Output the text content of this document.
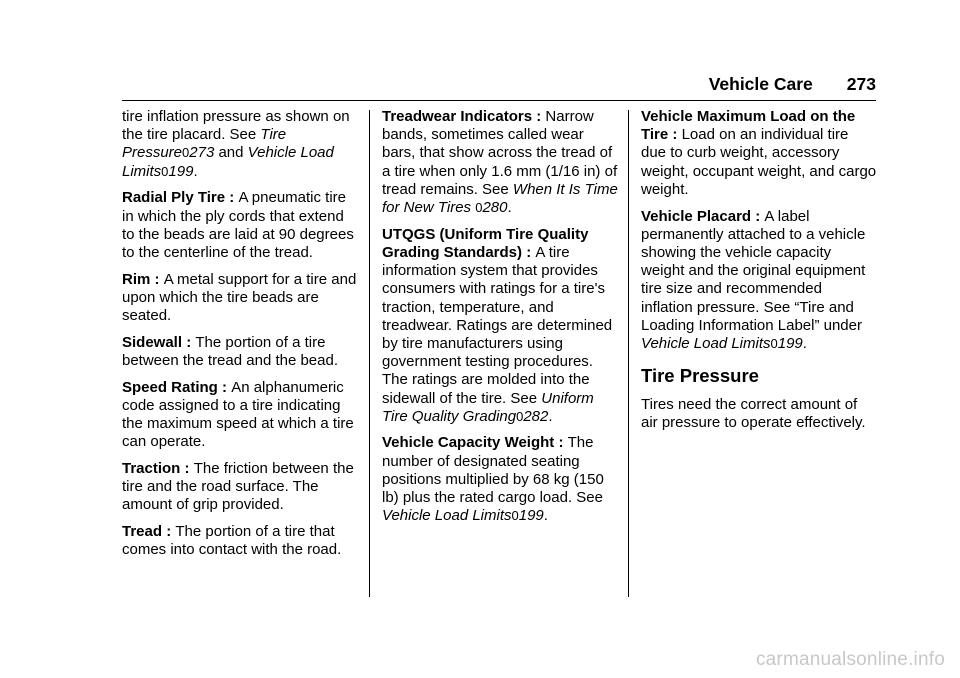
Vehicle Care 273

tire inflation pressure as shown on the tire placard. See Tire Pressure0273 and Vehicle Load Limits0199.

Radial Ply Tire : A pneumatic tire in which the ply cords that extend to the beads are laid at 90 degrees to the centerline of the tread.

Rim : A metal support for a tire and upon which the tire beads are seated.

Sidewall : The portion of a tire between the tread and the bead.

Speed Rating : An alphanumeric code assigned to a tire indicating the maximum speed at which a tire can operate.

Traction : The friction between the tire and the road surface. The amount of grip provided.

Tread : The portion of a tire that comes into contact with the road.

Treadwear Indicators : Narrow bands, sometimes called wear bars, that show across the tread of a tire when only 1.6 mm (1/16 in) of tread remains. See When It Is Time for New Tires 0280.

UTQGS (Uniform Tire Quality Grading Standards) : A tire information system that provides consumers with ratings for a tire's traction, temperature, and treadwear. Ratings are determined by tire manufacturers using government testing procedures. The ratings are molded into the sidewall of the tire. See Uniform Tire Quality Grading0282.

Vehicle Capacity Weight : The number of designated seating positions multiplied by 68 kg (150 lb) plus the rated cargo load. See Vehicle Load Limits0199.

Vehicle Maximum Load on the Tire : Load on an individual tire due to curb weight, accessory weight, occupant weight, and cargo weight.

Vehicle Placard : A label permanently attached to a vehicle showing the vehicle capacity weight and the original equipment tire size and recommended inflation pressure. See “Tire and Loading Information Label” under Vehicle Load Limits0199.

Tire Pressure

Tires need the correct amount of air pressure to operate effectively.

carmanualsonline.info
